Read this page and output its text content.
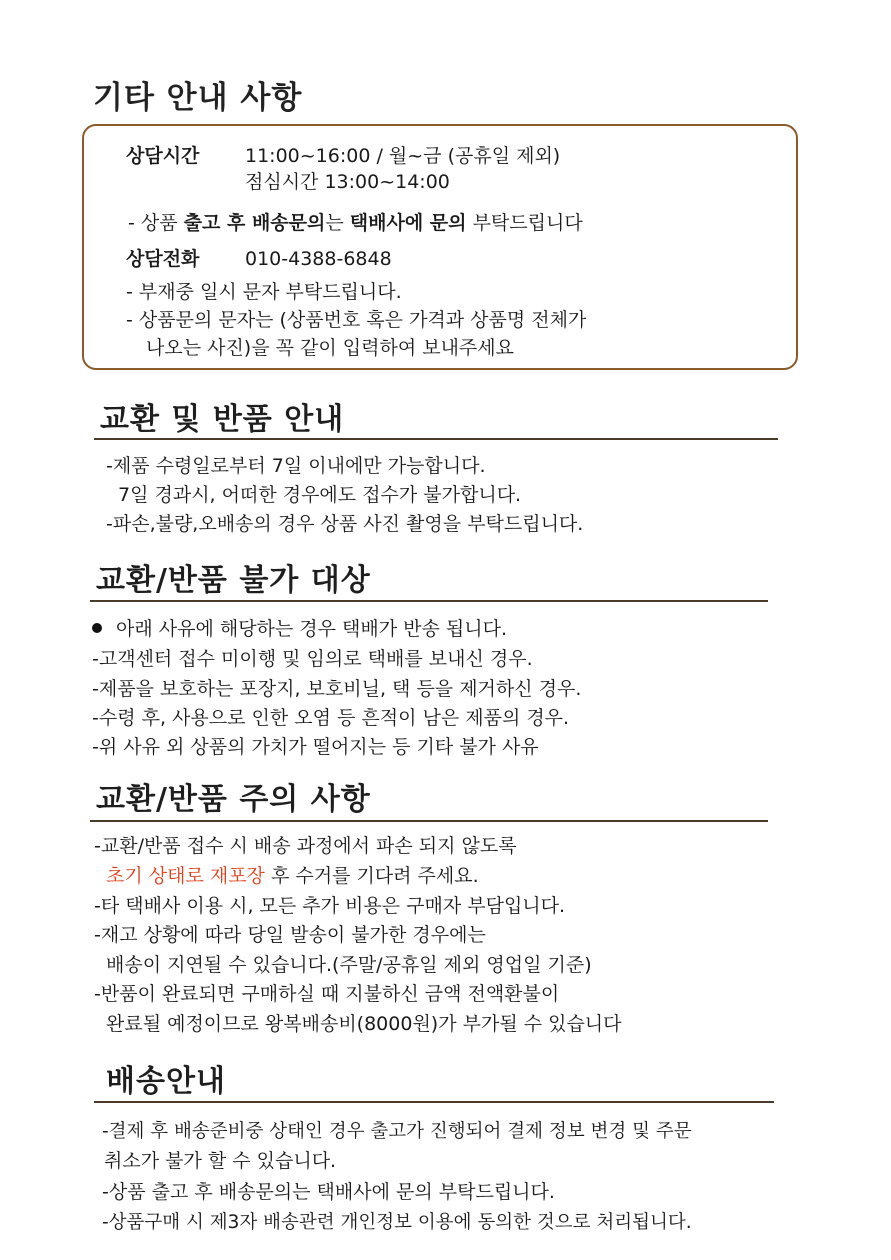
기타 안내 사항
상담시간 11:00~16:00 / 월~금 (공휴일 제외)
점심시간 13:00~14:00
- 상품 출고 후 배송문의는 택배사에 문의 부탁드립니다
상담전화 010-4388-6848
- 부재중 일시 문자 부탁드립니다.
- 상품문의 문자는 (상품번호 혹은 가격과 상품명 전체가
나오는 사진)을 꼭 같이 입력하여 보내주세요
교환 및 반품 안내
-제품 수령일로부터 7일 이내에만 가능합니다.
7일 경과시, 어떠한 경우에도 접수가 불가합니다.
-파손,불량,오배송의 경우 상품 사진 촬영을 부탁드립니다.
교환/반품 불가 대상
아래 사유에 해당하는 경우 택배가 반송 됩니다.
-고객센터 접수 미이행 및 임의로 택배를 보내신 경우.
-제품을 보호하는 포장지, 보호비닐, 택 등을 제거하신 경우.
-수령 후, 사용으로 인한 오염 등 흔적이 남은 제품의 경우.
-위 사유 외 상품의 가치가 떨어지는 등 기타 불가 사유
교환/반품 주의 사항
-교환/반품 접수 시 배송 과정에서 파손 되지 않도록
초기 상태로 재포장 후 수거를 기다려 주세요.
-타 택배사 이용 시, 모든 추가 비용은 구매자 부담입니다.
-재고 상황에 따라 당일 발송이 불가한 경우에는
배송이 지연될 수 있습니다.(주말/공휴일 제외 영업일 기준)
-반품이 완료되면 구매하실 때 지불하신 금액 전액환불이
완료될 예정이므로 왕복배송비(8000원)가 부가될 수 있습니다
배송안내
-결제 후 배송준비중 상태인 경우 출고가 진행되어 결제 정보 변경 및 주문
취소가 불가 할 수 있습니다.
-상품 출고 후 배송문의는 택배사에 문의 부탁드립니다.
-상품구매 시 제3자 배송관련 개인정보 이용에 동의한 것으로 처리됩니다.
